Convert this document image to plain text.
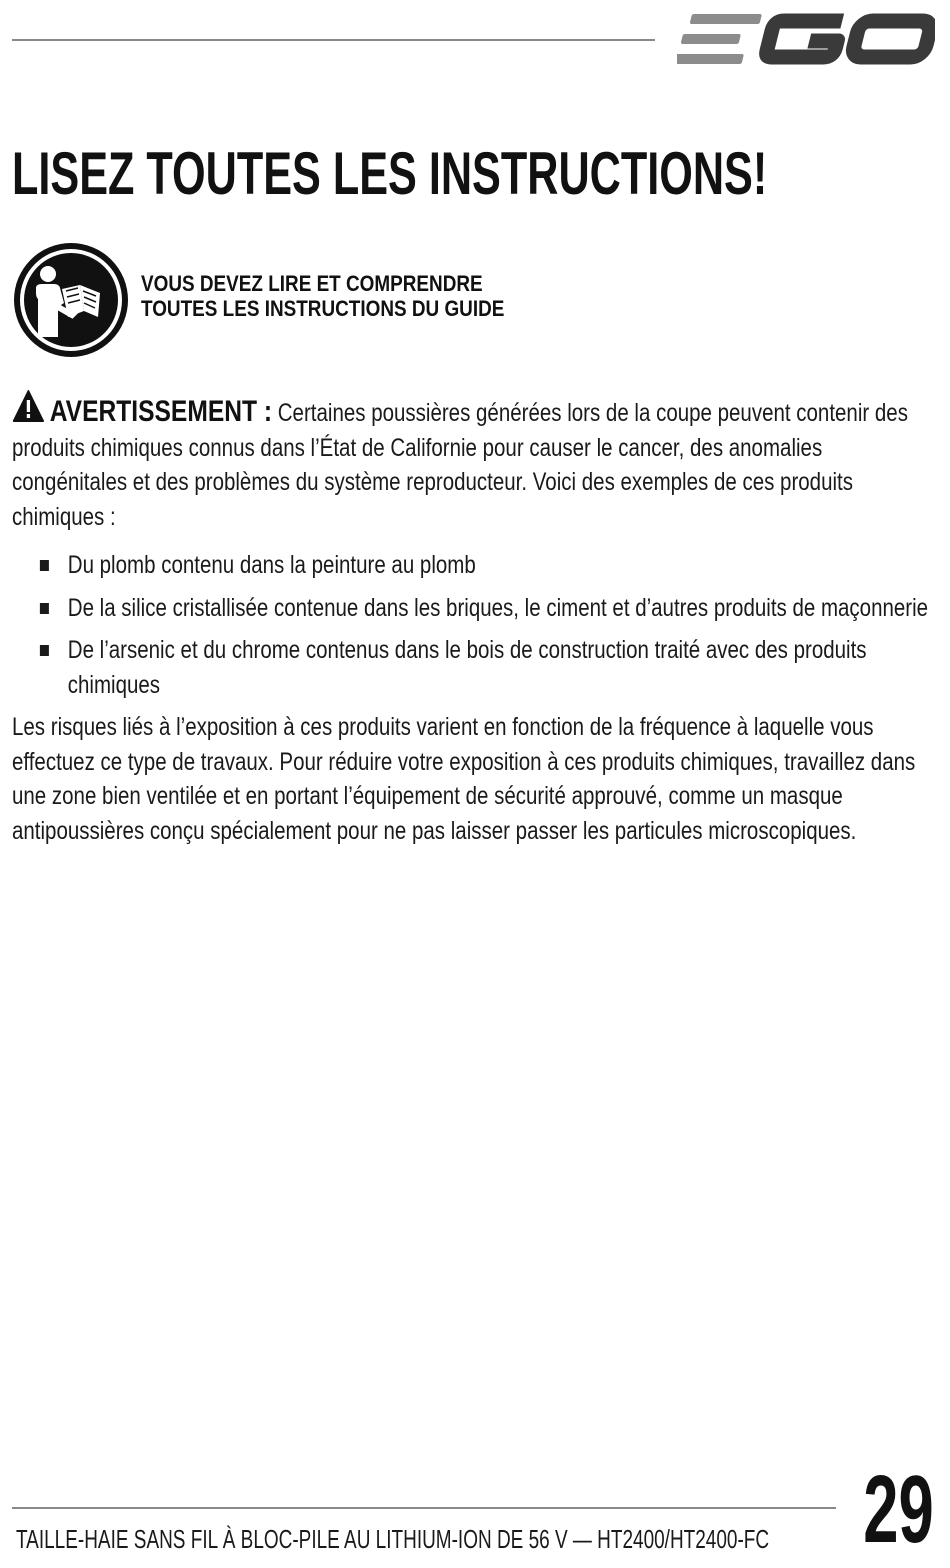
LISEZ TOUTES LES INSTRUCTIONS!
VOUS DEVEZ LIRE ET COMPRENDRE
TOUTES LES INSTRUCTIONS DU GUIDE

AVERTISSEMENT : Certaines poussières générées lors de la coupe peuvent contenir des produits chimiques connus dans l’État de Californie pour causer le cancer, des anomalies congénitales et des problèmes du système reproducteur. Voici des exemples de ces produits chimiques :

Du plomb contenu dans la peinture au plomb
De la silice cristallisée contenue dans les briques, le ciment et d’autres produits de maçonnerie
De l’arsenic et du chrome contenus dans le bois de construction traité avec des produits chimiques

Les risques liés à l’exposition à ces produits varient en fonction de la fréquence à laquelle vous effectuez ce type de travaux. Pour réduire votre exposition à ces produits chimiques, travaillez dans une zone bien ventilée et en portant l’équipement de sécurité approuvé, comme un masque antipoussières conçu spécialement pour ne pas laisser passer les particules microscopiques.

TAILLE-HAIE SANS FIL À BLOC-PILE AU LITHIUM-ION DE 56 V — HT2400/HT2400-FC 29
